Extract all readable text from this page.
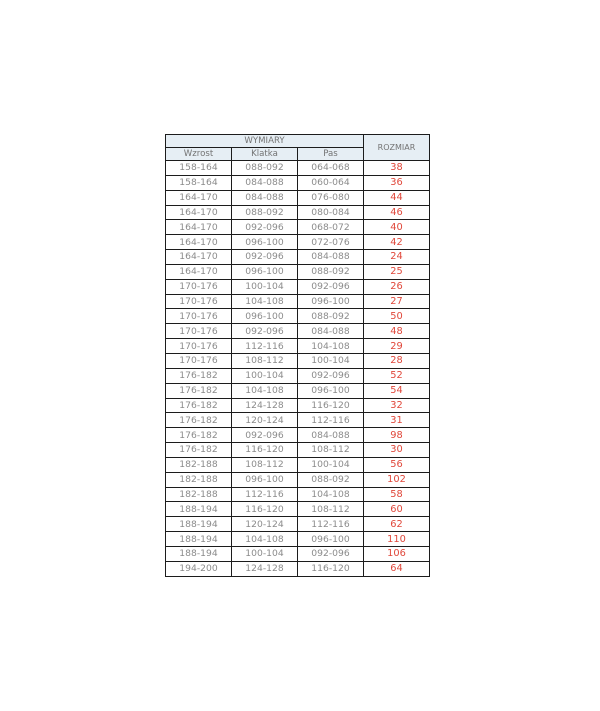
WYMIARY			ROZMIAR
Wzrost	Klatka	Pas	
158-164	088-092	064-068	38
158-164	084-088	060-064	36
164-170	084-088	076-080	44
164-170	088-092	080-084	46
164-170	092-096	068-072	40
164-170	096-100	072-076	42
164-170	092-096	084-088	24
164-170	096-100	088-092	25
170-176	100-104	092-096	26
170-176	104-108	096-100	27
170-176	096-100	088-092	50
170-176	092-096	084-088	48
170-176	112-116	104-108	29
170-176	108-112	100-104	28
176-182	100-104	092-096	52
176-182	104-108	096-100	54
176-182	124-128	116-120	32
176-182	120-124	112-116	31
176-182	092-096	084-088	98
176-182	116-120	108-112	30
182-188	108-112	100-104	56
182-188	096-100	088-092	102
182-188	112-116	104-108	58
188-194	116-120	108-112	60
188-194	120-124	112-116	62
188-194	104-108	096-100	110
188-194	100-104	092-096	106
194-200	124-128	116-120	64
